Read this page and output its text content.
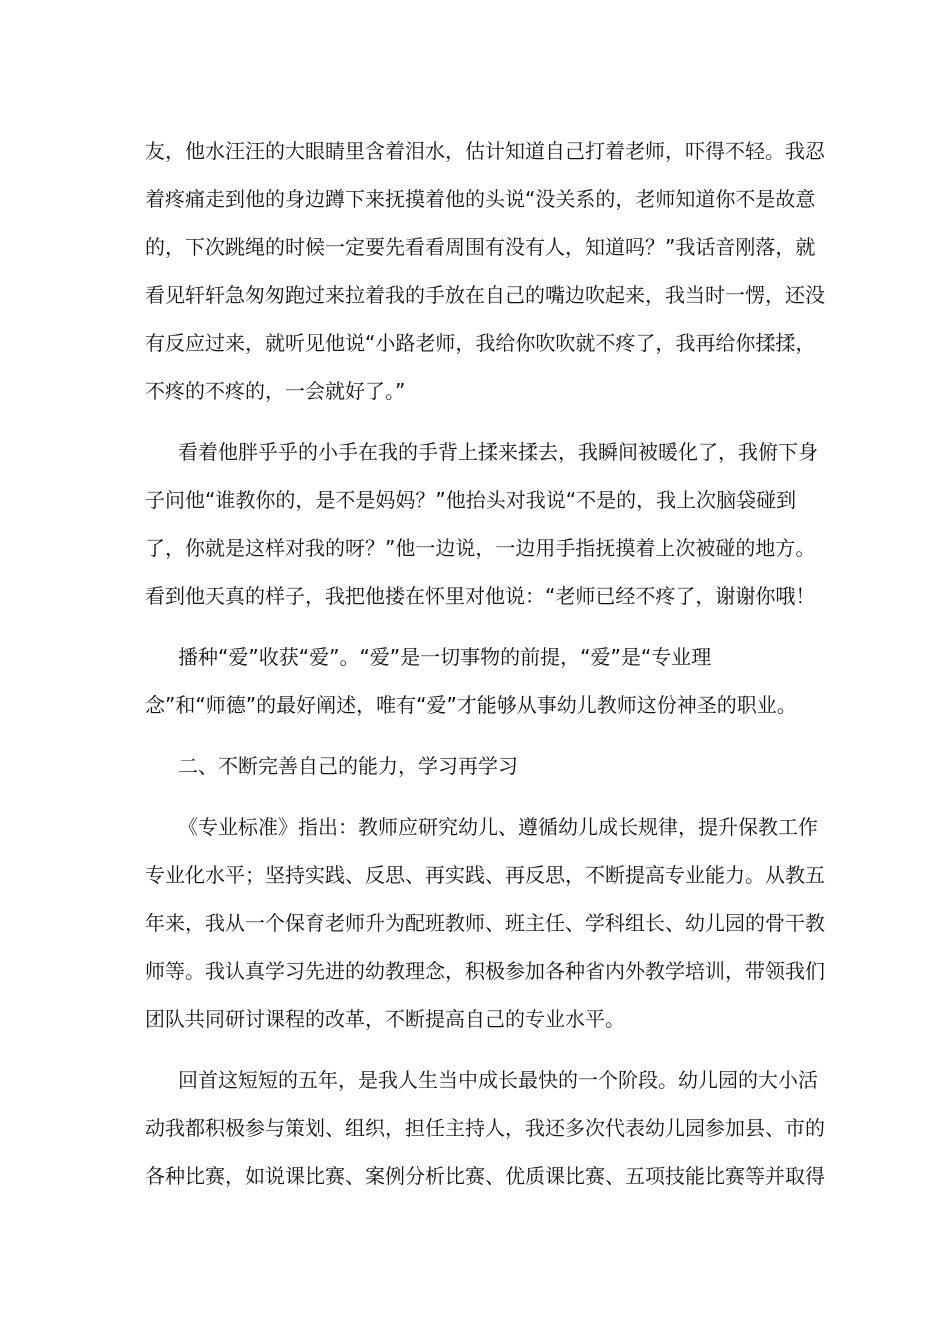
友，他水汪汪的大眼睛里含着泪水，估计知道自己打着老师，吓得不轻。我忍
着疼痛走到他的身边蹲下来抚摸着他的头说“没关系的，老师知道你不是故意
的，下次跳绳的时候一定要先看看周围有没有人，知道吗？”我话音刚落，就
看见轩轩急匆匆跑过来拉着我的手放在自己的嘴边吹起来，我当时一愣，还没
有反应过来，就听见他说“小路老师，我给你吹吹就不疼了，我再给你揉揉，
不疼的不疼的，一会就好了。”
看着他胖乎乎的小手在我的手背上揉来揉去，我瞬间被暖化了，我俯下身
子问他“谁教你的，是不是妈妈？”他抬头对我说“不是的，我上次脑袋碰到
了，你就是这样对我的呀？”他一边说，一边用手指抚摸着上次被碰的地方。
看到他天真的样子，我把他搂在怀里对他说：“老师已经不疼了，谢谢你哦！
播种“爱”收获“爱”。“爱”是一切事物的前提，“爱”是“专业理
念”和“师德”的最好阐述，唯有“爱”才能够从事幼儿教师这份神圣的职业。
二、不断完善自己的能力，学习再学习
《专业标准》指出：教师应研究幼儿、遵循幼儿成长规律，提升保教工作
专业化水平；坚持实践、反思、再实践、再反思，不断提高专业能力。从教五
年来，我从一个保育老师升为配班教师、班主任、学科组长、幼儿园的骨干教
师等。我认真学习先进的幼教理念，积极参加各种省内外教学培训，带领我们
团队共同研讨课程的改革，不断提高自己的专业水平。
回首这短短的五年，是我人生当中成长最快的一个阶段。幼儿园的大小活
动我都积极参与策划、组织，担任主持人，我还多次代表幼儿园参加县、市的
各种比赛，如说课比赛、案例分析比赛、优质课比赛、五项技能比赛等并取得
